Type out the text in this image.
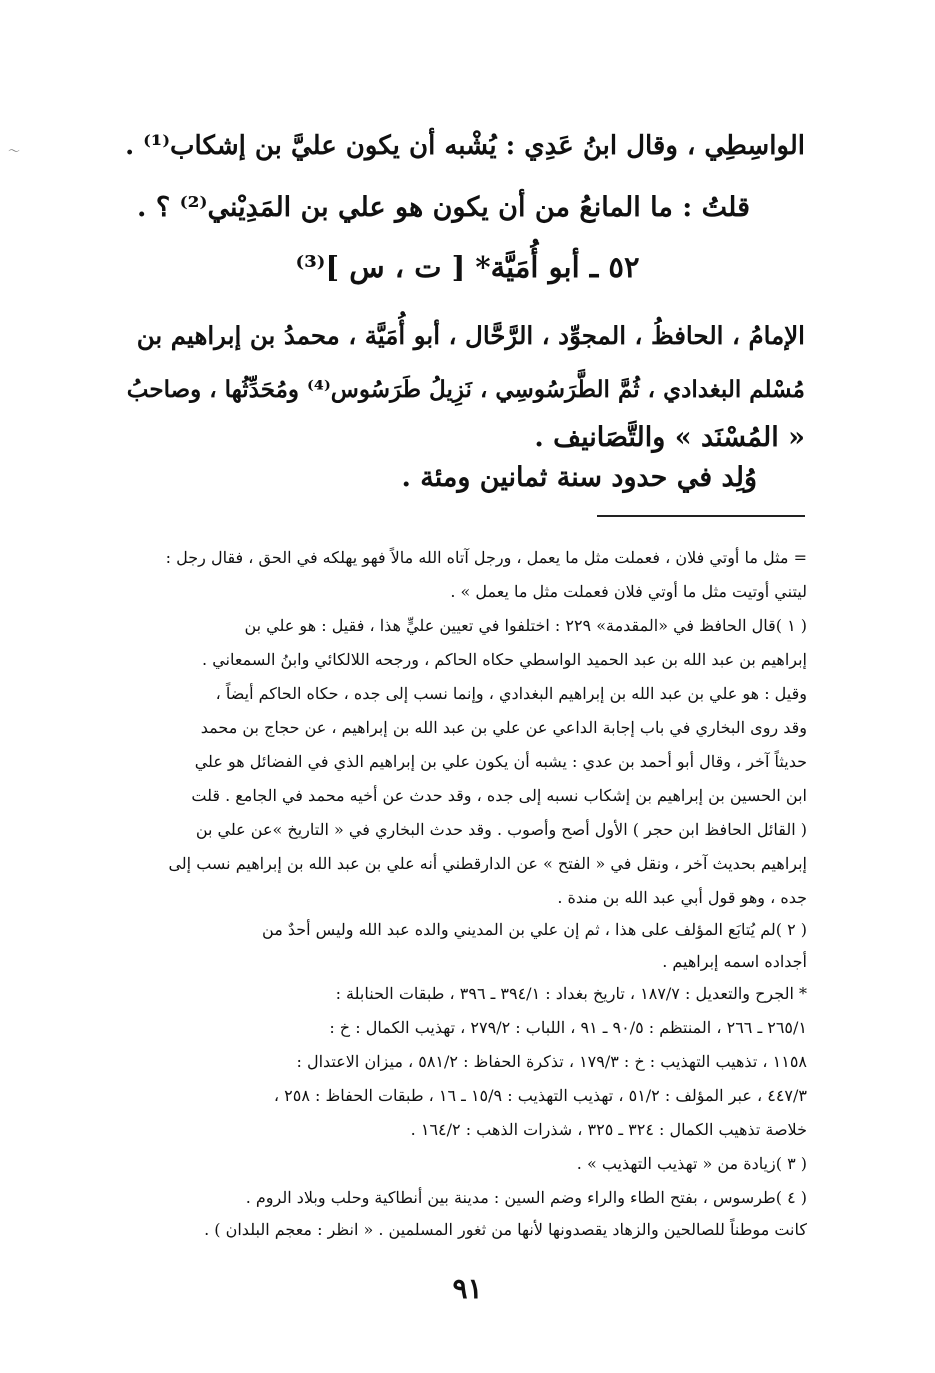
～	الواسِطِي ، وقال ابنُ عَدِي : يُشْبه أن يكون عليَّ بن إشكاب⁽¹⁾ .
قلتُ : ما المانعُ من أن يكون هو علي بن المَدِيْني⁽²⁾ ؟ .
٥٢ ـ أبو أُمَيَّة* [ ت ، س ]⁽³⁾
الإمامُ ، الحافظُ ، المجوِّد ، الرَّحَّال ، أبو أُمَيَّة ، محمدُ بن إبراهيم بن
مُسْلم البغدادي ، ثُمَّ الطَّرَسُوسِي ، نَزِيلُ طَرَسُوس⁽⁴⁾ ومُحَدِّثُها ، وصاحبُ
« المُسْنَد » والتَّصَانيف .
وُلِد في حدود سنة ثمانين ومئة .
= مثل ما أوتي فلان ، فعملت مثل ما يعمل ، ورجل آتاه الله مالاً فهو يهلكه في الحق ، فقال رجل :
ليتني أوتيت مثل ما أوتي فلان فعملت مثل ما يعمل » .
( ١ )قال الحافظ في «المقدمة» ٢٢٩ : اختلفوا في تعيين عليٍّ هذا ، فقيل : هو علي بن
إبراهيم بن عبد الله بن عبد الحميد الواسطي حكاه الحاكم ، ورجحه اللالكائي وابنُ السمعاني .
وقيل : هو علي بن عبد الله بن إبراهيم البغدادي ، وإنما نسب إلى جده ، حكاه الحاكم أيضاً ،
وقد روى البخاري في باب إجابة الداعي عن علي بن عبد الله بن إبراهيم ، عن حجاج بن محمد
حديثاً آخر ، وقال أبو أحمد بن عدي : يشبه أن يكون علي بن إبراهيم الذي في الفضائل هو علي
ابن الحسين بن إبراهيم بن إشكاب نسبه إلى جده ، وقد حدث عن أخيه محمد في الجامع . قلت
( القائل الحافظ ابن حجر ) الأول أصح وأصوب . وقد حدث البخاري في « التاريخ »عن علي بن
إبراهيم بحديث آخر ، ونقل في « الفتح » عن الدارقطني أنه علي بن عبد الله بن إبراهيم نسب إلى
جده ، وهو قول أبي عبد الله بن مندة .
( ٢ )لم يُتابَع المؤلف على هذا ، ثم إن علي بن المديني والده عبد الله وليس أحدٌ من
أجداده اسمه إبراهيم .
* الجرح والتعديل : ١٨٧/٧ ، تاريخ بغداد : ٣٩٤/١ ـ ٣٩٦ ، طبقات الحنابلة :
٢٦٥/١ ـ ٢٦٦ ، المنتظم : ٩٠/٥ ـ ٩١ ، اللباب : ٢٧٩/٢ ، تهذيب الكمال : خ :
١١٥٨ ، تذهيب التهذيب : خ : ١٧٩/٣ ، تذكرة الحفاظ : ٥٨١/٢ ، ميزان الاعتدال :
٤٤٧/٣ ، عبر المؤلف : ٥١/٢ ، تهذيب التهذيب : ١٥/٩ ـ ١٦ ، طبقات الحفاظ : ٢٥٨ ،
خلاصة تذهيب الكمال : ٣٢٤ ـ ٣٢٥ ، شذرات الذهب : ١٦٤/٢ .
( ٣ )زيادة من « تهذيب التهذيب » .
( ٤ )طرسوس ، بفتح الطاء والراء وضم السين : مدينة بين أنطاكية وحلب وبلاد الروم .
كانت موطناً للصالحين والزهاد يقصدونها لأنها من ثغور المسلمين . « انظر : معجم البلدان ) .
٩١
